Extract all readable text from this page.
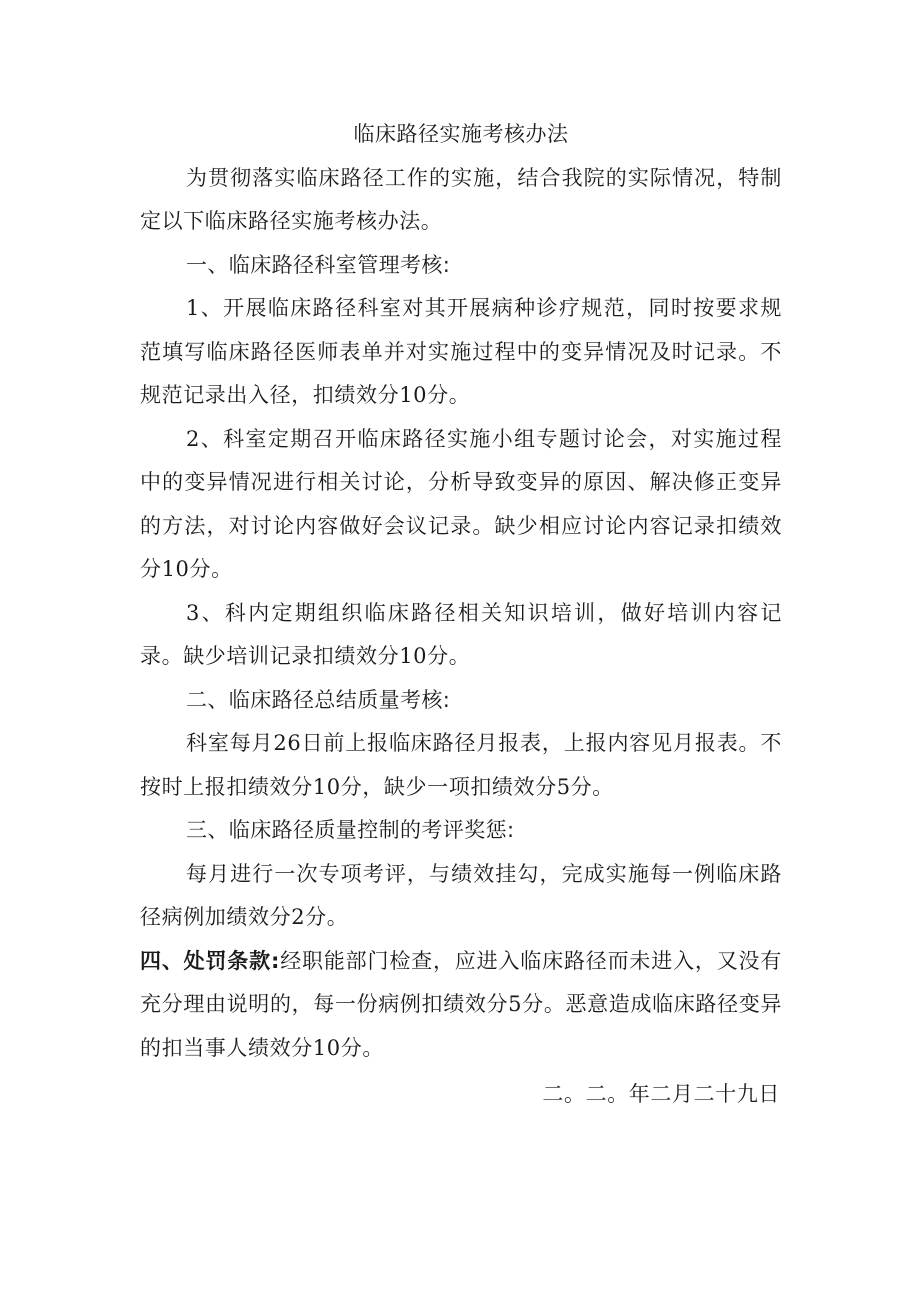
临床路径实施考核办法

为贯彻落实临床路径工作的实施，结合我院的实际情况，特制定以下临床路径实施考核办法。

一、临床路径科室管理考核:

1、开展临床路径科室对其开展病种诊疗规范，同时按要求规范填写临床路径医师表单并对实施过程中的变异情况及时记录。不规范记录出入径，扣绩效分10分。

2、科室定期召开临床路径实施小组专题讨论会，对实施过程中的变异情况进行相关讨论，分析导致变异的原因、解决修正变异的方法，对讨论内容做好会议记录。缺少相应讨论内容记录扣绩效分10分。

3、科内定期组织临床路径相关知识培训，做好培训内容记录。缺少培训记录扣绩效分10分。

二、临床路径总结质量考核:

科室每月26日前上报临床路径月报表，上报内容见月报表。不按时上报扣绩效分10分，缺少一项扣绩效分5分。

三、临床路径质量控制的考评奖惩:

每月进行一次专项考评，与绩效挂勾，完成实施每一例临床路径病例加绩效分2分。

四、处罚条款:经职能部门检查，应进入临床路径而未进入，又没有充分理由说明的，每一份病例扣绩效分5分。恶意造成临床路径变异的扣当事人绩效分10分。

二。二。年二月二十九日
